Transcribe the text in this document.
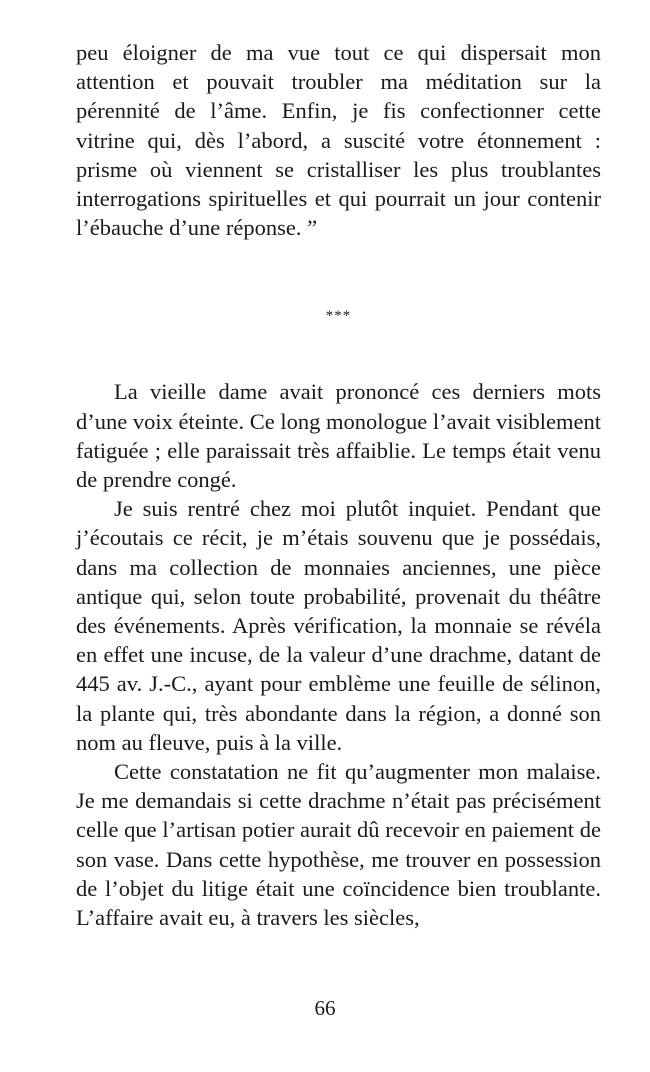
peu éloigner de ma vue tout ce qui dispersait mon attention et pouvait troubler ma méditation sur la pérennité de l’âme. Enfin, je fis confectionner cette vitrine qui, dès l’abord, a suscité votre étonnement : prisme où viennent se cristalliser les plus troublantes interrogations spirituelles et qui pourrait un jour contenir l’ébauche d’une réponse. ”

***

La vieille dame avait prononcé ces derniers mots d’une voix éteinte. Ce long monologue l’avait visiblement fatiguée ; elle paraissait très affaiblie. Le temps était venu de prendre congé.

Je suis rentré chez moi plutôt inquiet. Pendant que j’écoutais ce récit, je m’étais souvenu que je possédais, dans ma collection de monnaies anciennes, une pièce antique qui, selon toute probabilité, provenait du théâtre des événements. Après vérification, la monnaie se révéla en effet une incuse, de la valeur d’une drachme, datant de 445 av. J.-C., ayant pour emblème une feuille de sélinon, la plante qui, très abondante dans la région, a donné son nom au fleuve, puis à la ville.

Cette constatation ne fit qu’augmenter mon malaise. Je me demandais si cette drachme n’était pas précisément celle que l’artisan potier aurait dû recevoir en paiement de son vase. Dans cette hypothèse, me trouver en possession de l’objet du litige était une coïncidence bien troublante. L’affaire avait eu, à travers les siècles,

66
